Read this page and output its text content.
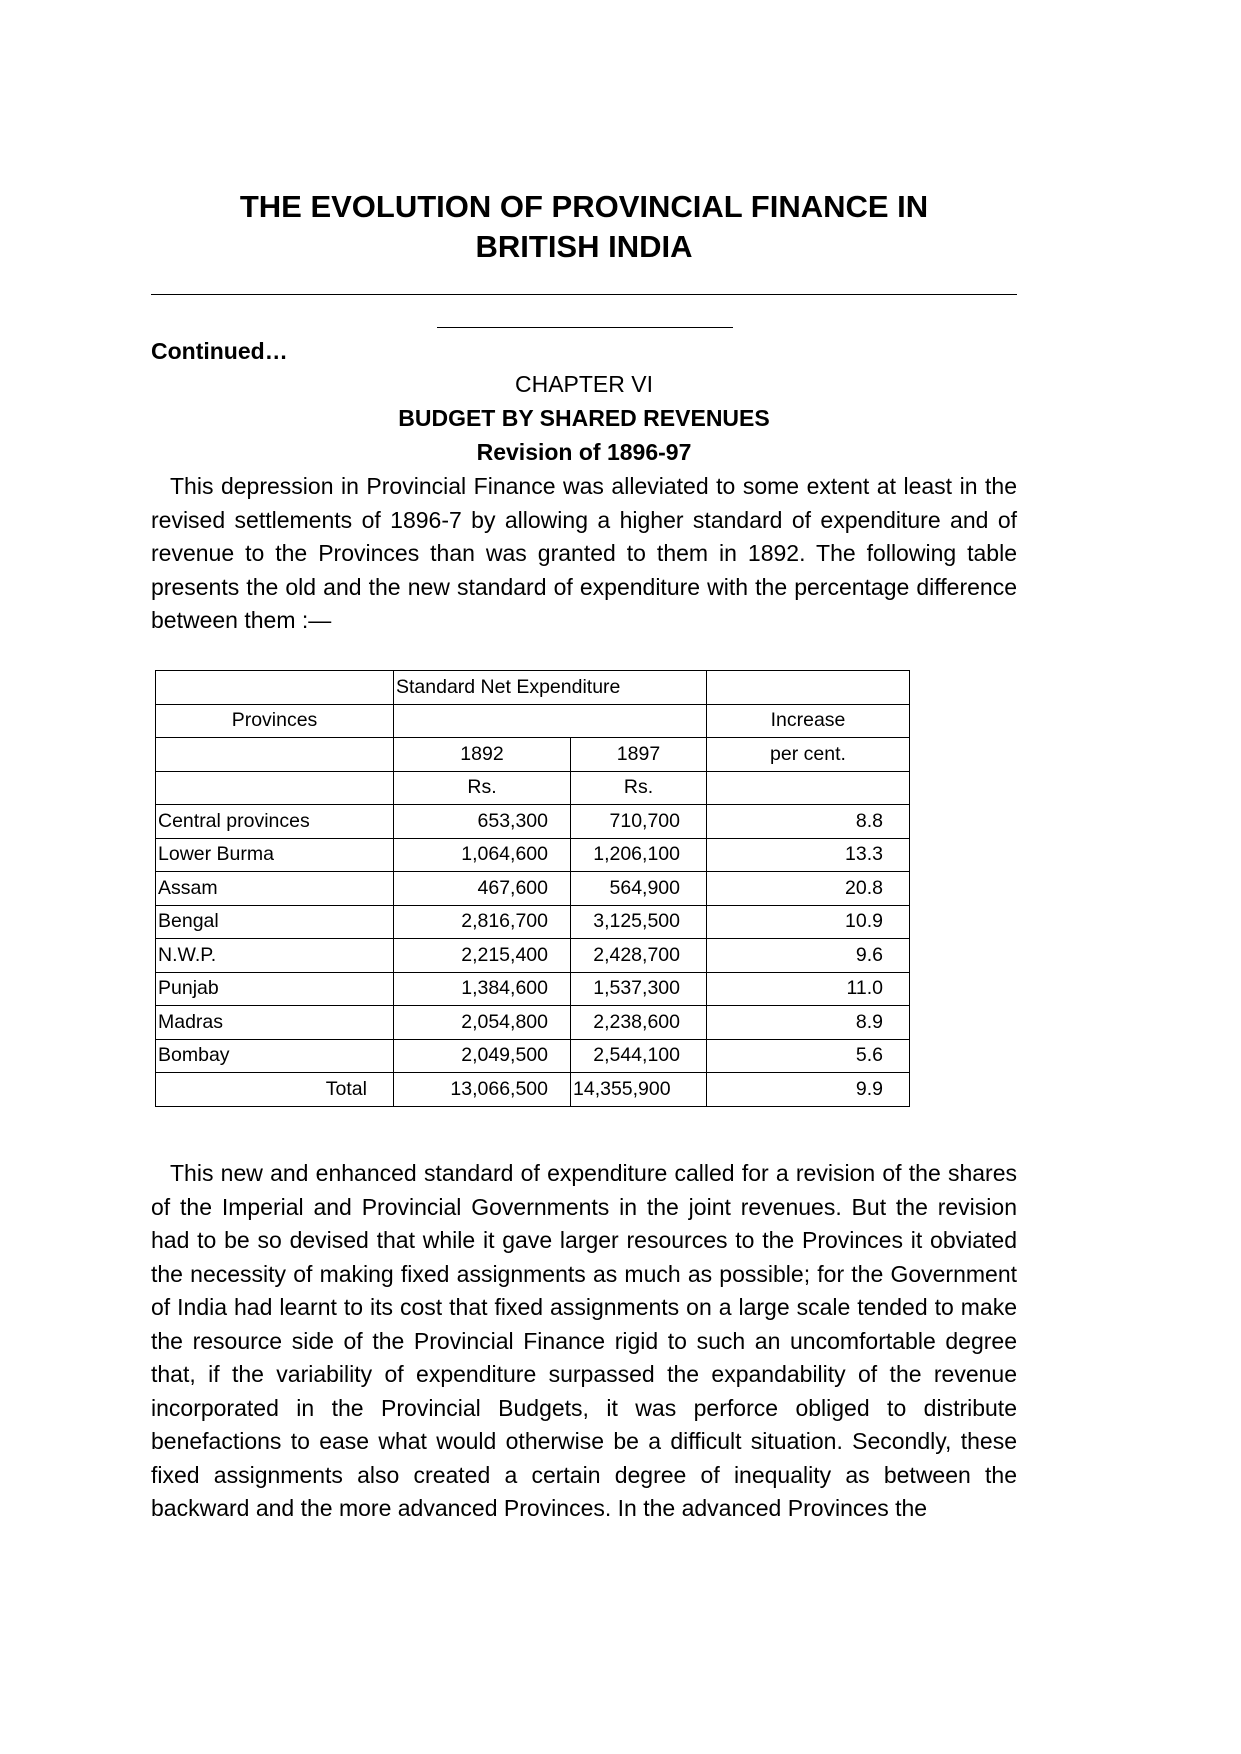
THE EVOLUTION OF PROVINCIAL FINANCE IN
BRITISH INDIA
Continued…
CHAPTER VI
BUDGET BY SHARED REVENUES
Revision of 1896-97

This depression in Provincial Finance was alleviated to some extent at least in the revised settlements of 1896-7 by allowing a higher standard of expenditure and of revenue to the Provinces than was granted to them in 1892. The following table presents the old and the new standard of expenditure with the percentage difference between them :—

	Standard Net Expenditure		
Provinces			Increase
	1892	1897	per cent.
	Rs.	Rs.	
Central provinces	653,300	710,700	8.8
Lower Burma	1,064,600	1,206,100	13.3
Assam	467,600	564,900	20.8
Bengal	2,816,700	3,125,500	10.9
N.W.P.	2,215,400	2,428,700	9.6
Punjab	1,384,600	1,537,300	11.0
Madras	2,054,800	2,238,600	8.9
Bombay	2,049,500	2,544,100	5.6
Total	13,066,500	14,355,900	9.9

This new and enhanced standard of expenditure called for a revision of the shares of the Imperial and Provincial Governments in the joint revenues. But the revision had to be so devised that while it gave larger resources to the Provinces it obviated the necessity of making fixed assignments as much as possible; for the Government of India had learnt to its cost that fixed assignments on a large scale tended to make the resource side of the Provincial Finance rigid to such an uncomfortable degree that, if the variability of expenditure surpassed the expandability of the revenue incorporated in the Provincial Budgets, it was perforce obliged to distribute benefactions to ease what would otherwise be a difficult situation. Secondly, these fixed assignments also created a certain degree of inequality as between the backward and the more advanced Provinces. In the advanced Provinces the
